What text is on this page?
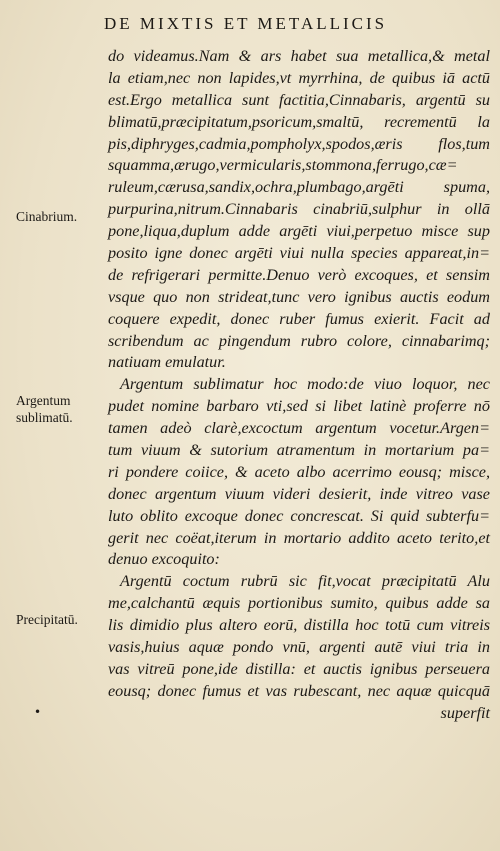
DE MIXTIS ET METALLICIS
Cinabrium.
Argentum
sublimatū.
Precipitatū.
•
do videamus.Nam & ars habet sua metallica,& metal
la etiam,nec non lapides,vt myrrhina, de quibus iā actū
est.Ergo metallica sunt factitia,Cinnabaris, argentū su
blimatū,præcipitatum,psoricum,smaltū, recrementū la
pis,diphryges,cadmia,pompholyx,spodos,æris flos,tum
squamma,ærugo,vermicularis,stommona,ferrugo,cæ=
ruleum,cærusa,sandix,ochra,plumbago,argēti spuma,
purpurina,nitrum.Cinnabaris cinabriū,sulphur in ollā
pone,liqua,duplum adde argēti viui,perpetuo misce sup
posito igne donec argēti viui nulla species appareat,in=
de refrigerari permitte.Denuo verò excoques, et sensim
vsque quo non strideat,tunc vero ignibus auctis eodum
coquere expedit, donec ruber fumus exierit. Facit ad
scribendum ac pingendum rubro colore, cinnabarimq;
natiuam emulatur.
Argentum sublimatur hoc modo:de viuo loquor, nec
pudet nomine barbaro vti,sed si libet latinè proferre nō
tamen adeò clarè,excoctum argentum vocetur.Argen=
tum viuum & sutorium atramentum in mortarium pa=
ri pondere coiice, & aceto albo acerrimo eousq; misce,
donec argentum viuum videri desierit, inde vitreo vase
luto oblito excoque donec concrescat. Si quid subterfu=
gerit nec coëat,iterum in mortario addito aceto terito,et
denuo excoquito:
Argentū coctum rubrū sic fit,vocat præcipitatū Alu
me,calchantū æquis portionibus sumito, quibus adde sa
lis dimidio plus altero eorū, distilla hoc totū cum vitreis
vasis,huius aquæ pondo vnū, argenti autē viui tria in
vas vitreū pone,ide distilla: et auctis ignibus perseuera
eousq; donec fumus et vas rubescant, nec aquæ quicquā
superfit
